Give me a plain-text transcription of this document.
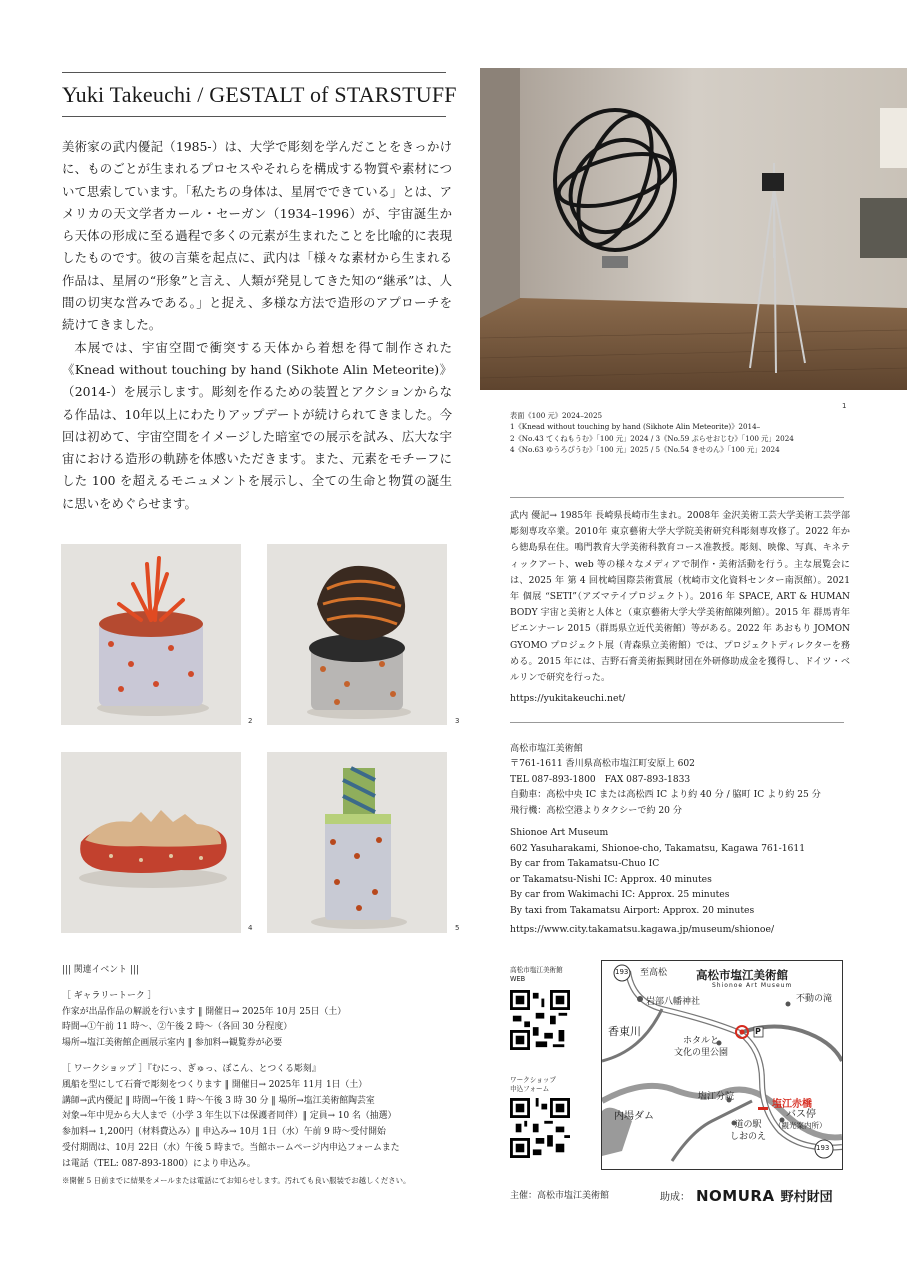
Yuki Takeuchi / GESTALT of STARSTUFF

美術家の武内優記（1985-）は、大学で彫刻を学んだことをきっかけに、ものごとが生まれるプロセスやそれらを構成する物質や素材について思索しています。「私たちの身体は、星屑でできている」とは、アメリカの天文学者カール・セーガン（1934–1996）が、宇宙誕生から天体の形成に至る過程で多くの元素が生まれたことを比喩的に表現したものです。彼の言葉を起点に、武内は「様々な素材から生まれる作品は、星屑の“形象”と言え、人類が発見してきた知の“継承”は、人間の切実な営みである。」と捉え、多様な方法で造形のアプローチを続けてきました。

本展では、宇宙空間で衝突する天体から着想を得て制作された《Knead without touching by hand (Sikhote Alin Meteorite)》（2014-）を展示します。彫刻を作るための装置とアクションからなる作品は、10年以上にわたりアップデートが続けられてきました。今回は初めて、宇宙空間をイメージした暗室での展示を試み、広大な宇宙における造形の軌跡を体感いただきます。また、元素をモチーフにした 100 を超えるモニュメントを展示し、全ての生命と物質の誕生に思いをめぐらせます。

1
2	3
4	5
表面《100 元》2024–2025
1《Knead without touching by hand (Sikhote Alin Meteorite)》2014–
2《No.43 てくねもうむ》「100 元」2024 / 3《No.59 ぷらせおじむ》「100 元」2024
4《No.63 ゆうろぴうむ》「100 元」2025 / 5《No.54 きせのん》「100 元」2024
武内 優記→ 1985年 長崎県長崎市生まれ。2008年 金沢美術工芸大学美術工芸学部彫刻専攻卒業。2010年 東京藝術大学大学院美術研究科彫刻専攻修了。2022 年から徳島県在住。鳴門教育大学美術科教育コース准教授。彫刻、映像、写真、キネティックアート、web 等の様々なメディアで制作・美術活動を行う。主な展覧会には、2025 年 第 4 回枕崎国際芸術賞展（枕崎市文化資料センター南溟館）。2021 年 個展 “SETI”（アズマテイプロジェクト）。2016 年 SPACE, ART & HUMAN BODY 宇宙と美術と人体と（東京藝術大学大学美術館陳列館）。2015 年 群馬青年ビエンナーレ 2015（群馬県立近代美術館）等がある。2022 年 あおもり JOMON GYOMO プロジェクト展（青森県立美術館）では、プロジェクトディレクターを務める。2015 年には、吉野石膏美術振興財団在外研修助成金を獲得し、ドイツ・ベルリンで研究を行った。
https://yukitakeuchi.net/
高松市塩江美術館
〒761-1611 香川県高松市塩江町安原上 602
TEL 087-893-1800　FAX 087-893-1833
自動車：高松中央 IC または高松西 IC より約 40 分 / 脇町 IC より約 25 分
飛行機：高松空港よりタクシーで約 20 分
Shionoe Art Museum
602 Yasuharakami, Shionoe-cho, Takamatsu, Kagawa 761-1611
By car from Takamatsu-Chuo IC
or Takamatsu-Nishi IC: Approx. 40 minutes
By car from Wakimachi IC: Approx. 25 minutes
By taxi from Takamatsu Airport: Approx. 20 minutes
https://www.city.takamatsu.kagawa.jp/museum/shionoe/
||| 関連イベント |||
［ ギャラリートーク ］
作家が出品作品の解説を行います ‖ 開催日→ 2025年 10月 25日（土）
時間→①午前 11 時〜、②午後 2 時〜（各回 30 分程度）
場所→塩江美術館企画展示室内 ‖ 参加料→観覧券が必要
［ ワークショップ ］『むにっ、ぎゅっ、ぼこん、とつくる彫刻』
風船を型にして石膏で彫刻をつくります ‖ 開催日→ 2025年 11月 1日（土）
講師→武内優記 ‖ 時間→午後 1 時〜午後 3 時 30 分 ‖ 場所→塩江美術館陶芸室
対象→年中児から大人まで（小学 3 年生以下は保護者同伴）‖ 定員→ 10 名（抽選）
参加料→ 1,200円（材料費込み）‖ 申込み→ 10月 1日（水）午前 9 時〜受付開始
受付期間は、10月 22日（水）午後 5 時まで。当館ホームページ内申込フォームまた
は電話（TEL: 087-893-1800）により申込み。
※開催 5 日前までに結果をメールまたは電話にてお知らせします。汚れても良い服装でお越しください。
高松市塩江美術館
WEB
ワークショップ
申込フォーム
高松市塩江美術館
Shionoe Art Museum
193
193
至高松
岩部八幡神社	不動の滝
香東川
ホタルと
文化の里公園
P
塩江分院
塩江赤橋
内場ダム	バス停
（観光案内所）
道の駅
しおのえ
主催：高松市塩江美術館	助成： NOMURA 野村財団
